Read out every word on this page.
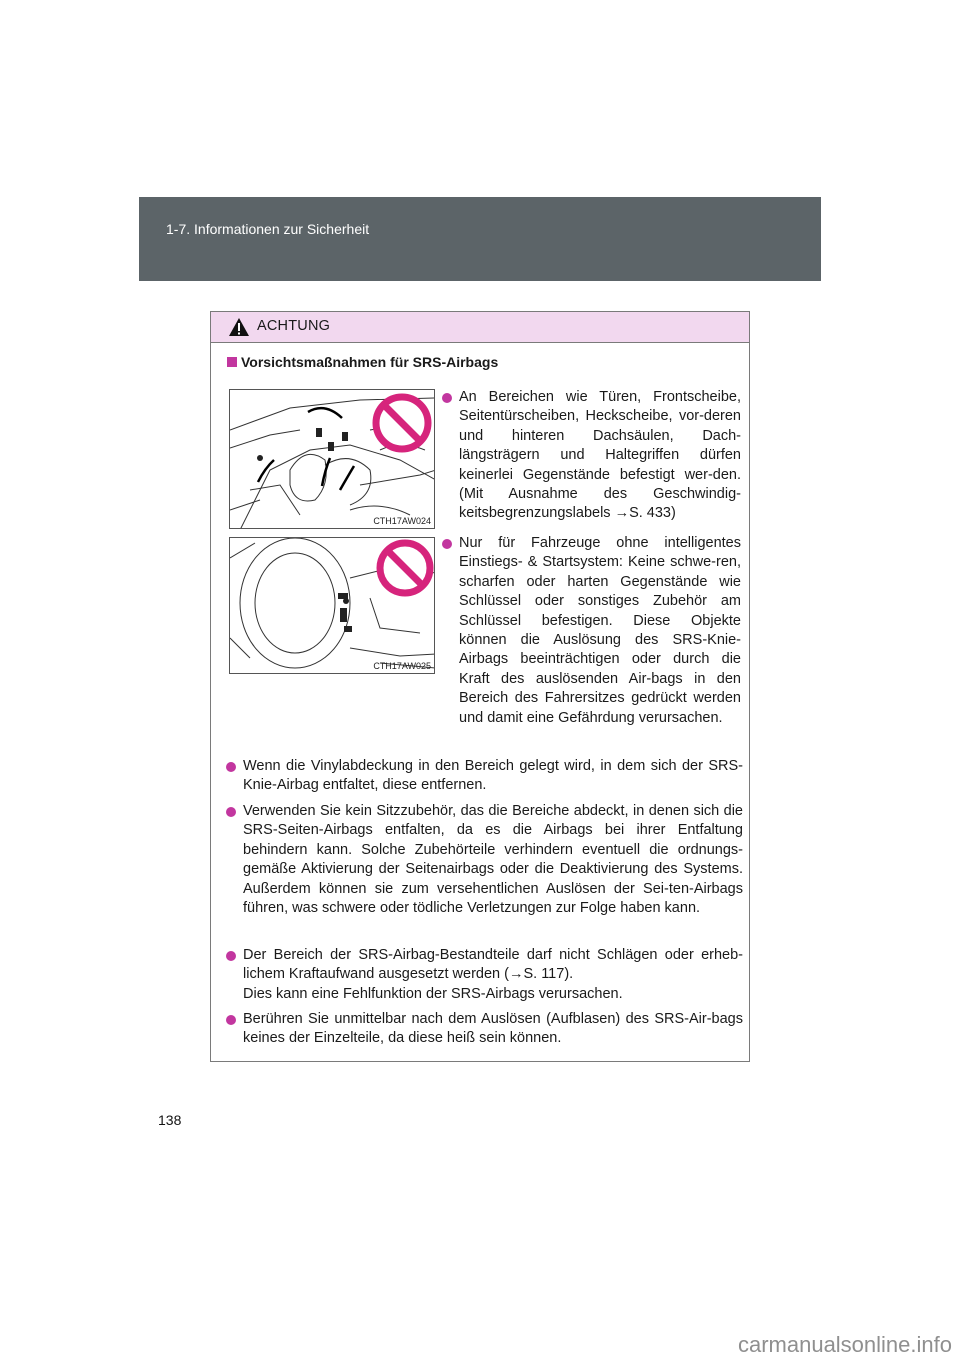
1-7. Informationen zur Sicherheit
ACHTUNG
Vorsichtsmaßnahmen für SRS-Airbags
CTH17AW024
CTH17AW025

An Bereichen wie Türen, Frontscheibe, Seitentürscheiben, Heckscheibe, vor-deren und hinteren Dachsäulen, Dach-längsträgern und Haltegriffen dürfen keinerlei Gegenstände befestigt wer-den. (Mit Ausnahme des Geschwindig-keitsbegrenzungslabels →S. 433)

Nur für Fahrzeuge ohne intelligentes Einstiegs- & Startsystem: Keine schwe-ren, scharfen oder harten Gegenstände wie Schlüssel oder sonstiges Zubehör am Schlüssel befestigen. Diese Objekte können die Auslösung des SRS-Knie-Airbags beeinträchtigen oder durch die Kraft des auslösenden Air-bags in den Bereich des Fahrersitzes gedrückt werden und damit eine Gefährdung verursachen.

Wenn die Vinylabdeckung in den Bereich gelegt wird, in dem sich der SRS-Knie-Airbag entfaltet, diese entfernen.

Verwenden Sie kein Sitzzubehör, das die Bereiche abdeckt, in denen sich die SRS-Seiten-Airbags entfalten, da es die Airbags bei ihrer Entfaltung behindern kann. Solche Zubehörteile verhindern eventuell die ordnungs-gemäße Aktivierung der Seitenairbags oder die Deaktivierung des Systems. Außerdem können sie zum versehentlichen Auslösen der Sei-ten-Airbags führen, was schwere oder tödliche Verletzungen zur Folge haben kann.

Der Bereich der SRS-Airbag-Bestandteile darf nicht Schlägen oder erheb-lichem Kraftaufwand ausgesetzt werden (→S. 117).

Dies kann eine Fehlfunktion der SRS-Airbags verursachen.

Berühren Sie unmittelbar nach dem Auslösen (Aufblasen) des SRS-Air-bags keines der Einzelteile, da diese heiß sein können.

138
carmanualsonline.info
